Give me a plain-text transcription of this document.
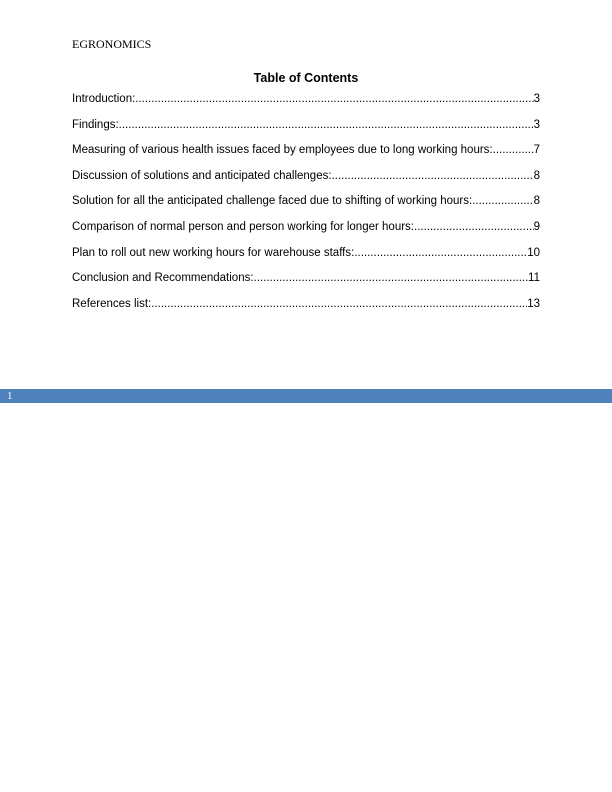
EGRONOMICS
Table of Contents
Introduction: .....	3
Findings: .....	3
Measuring of various health issues faced by employees due to long working hours: .....	7
Discussion of solutions and anticipated challenges: .....	8
Solution for all the anticipated challenge faced due to shifting of working hours: .....	8
Comparison of normal person and person working for longer hours: .....	9
Plan to roll out new working hours for warehouse staffs: .....	10
Conclusion and Recommendations: .....	11
References list: .....	13
1
